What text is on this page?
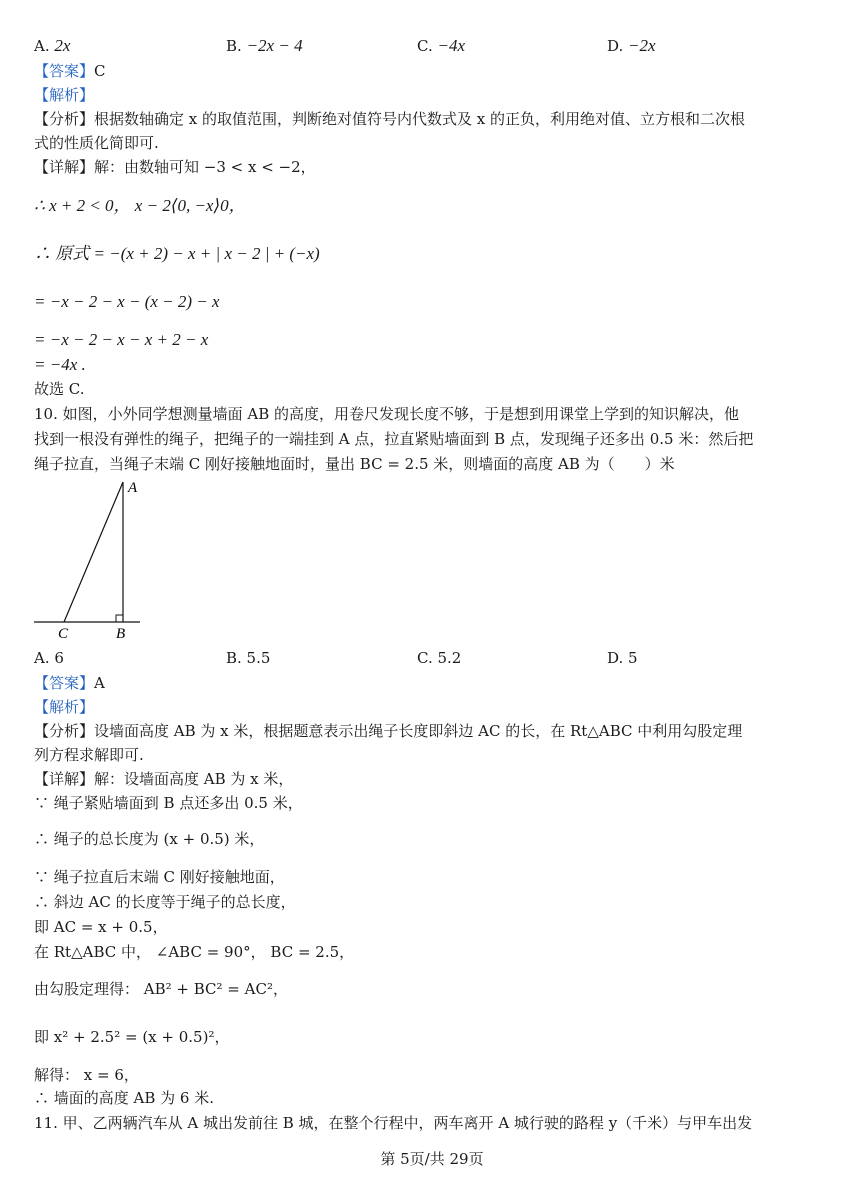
A. 2x	B. −2x − 4	C. −4x	D. −2x
【答案】C
【解析】
【分析】根据数轴确定 x 的取值范围，判断绝对值符号内代数式及 x 的正负，利用绝对值、立方根和二次根
式的性质化简即可.
【详解】解：由数轴可知 −3 < x < −2，
∴ x + 2 < 0， x − 2⟨0, −x⟩0，
∴ 原式 = −(x + 2) − x + | x − 2 | + (−x)
= −x − 2 − x − (x − 2) − x
= −x − 2 − x − x + 2 − x
= −4x .
故选 C.
10. 如图，小外同学想测量墙面 AB 的高度，用卷尺发现长度不够，于是想到用课堂上学到的知识解决，他
找到一根没有弹性的绳子，把绳子的一端挂到 A 点，拉直紧贴墙面到 B 点，发现绳子还多出 0.5 米：然后把
绳子拉直，当绳子末端 C 刚好接触地面时，量出 BC = 2.5 米，则墙面的高度 AB 为（　　）米
A
B
C
A. 6	B. 5.5	C. 5.2	D. 5
【答案】A
【解析】
【分析】设墙面高度 AB 为 x 米，根据题意表示出绳子长度即斜边 AC 的长，在 Rt△ABC 中利用勾股定理
列方程求解即可.
【详解】解：设墙面高度 AB 为 x 米，
∵ 绳子紧贴墙面到 B 点还多出 0.5 米，
∴ 绳子的总长度为 (x + 0.5) 米，
∵ 绳子拉直后末端 C 刚好接触地面，
∴ 斜边 AC 的长度等于绳子的总长度，
即 AC = x + 0.5，
在 Rt△ABC 中， ∠ABC = 90°， BC = 2.5，
由勾股定理得： AB² + BC² = AC²，
即 x² + 2.5² = (x + 0.5)²，
解得： x = 6，
∴ 墙面的高度 AB 为 6 米.
11. 甲、乙两辆汽车从 A 城出发前往 B 城，在整个行程中，两车离开 A 城行驶的路程 y（千米）与甲车出发
第 5页/共 29页
